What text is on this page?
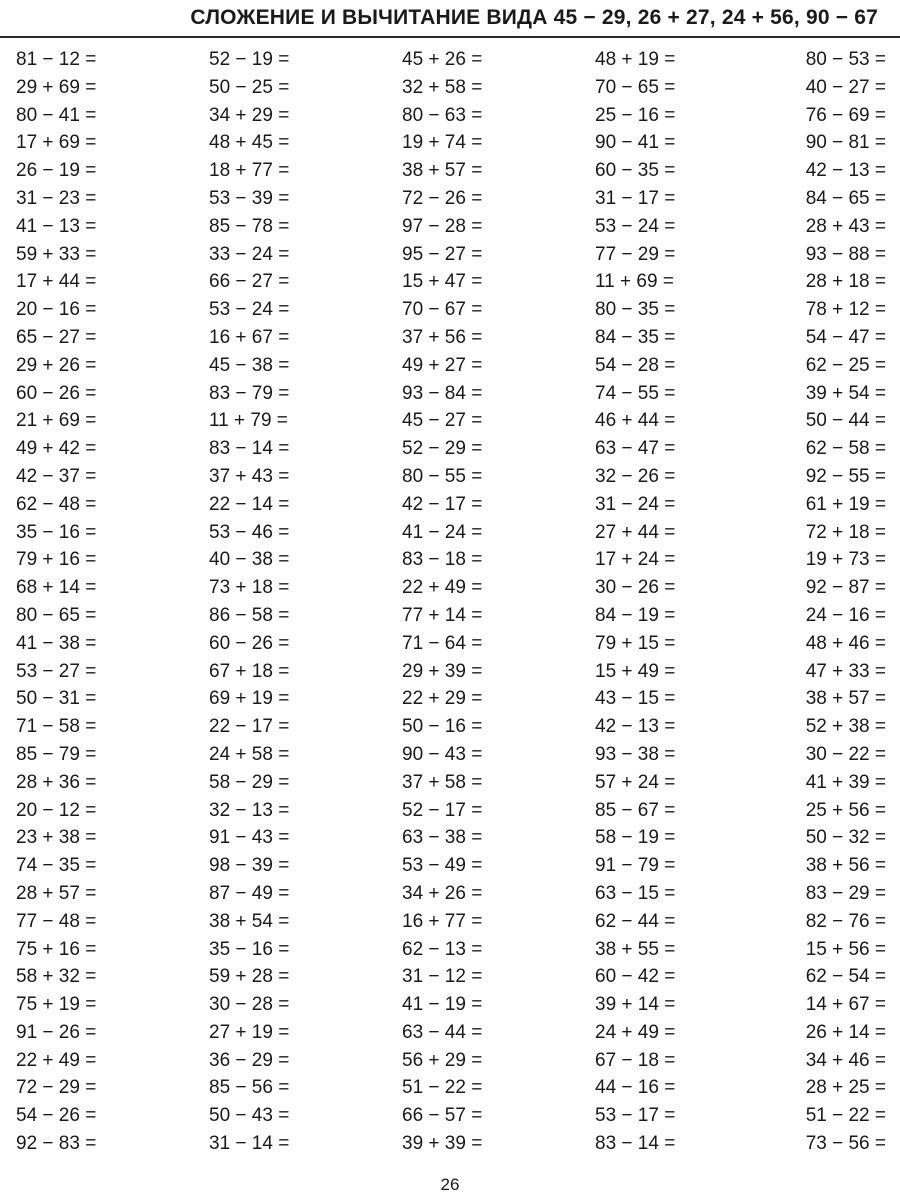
СЛОЖЕНИЕ И ВЫЧИТАНИЕ ВИДА 45 − 29, 26 + 27, 24 + 56, 90 − 67
81 − 12 =	52 − 19 =	45 + 26 =	48 + 19 =	80 − 53 =
29 + 69 =	50 − 25 =	32 + 58 =	70 − 65 =	40 − 27 =
80 − 41 =	34 + 29 =	80 − 63 =	25 − 16 =	76 − 69 =
17 + 69 =	48 + 45 =	19 + 74 =	90 − 41 =	90 − 81 =
26 − 19 =	18 + 77 =	38 + 57 =	60 − 35 =	42 − 13 =
31 − 23 =	53 − 39 =	72 − 26 =	31 − 17 =	84 − 65 =
41 − 13 =	85 − 78 =	97 − 28 =	53 − 24 =	28 + 43 =
59 + 33 =	33 − 24 =	95 − 27 =	77 − 29 =	93 − 88 =
17 + 44 =	66 − 27 =	15 + 47 =	11 + 69 =	28 + 18 =
20 − 16 =	53 − 24 =	70 − 67 =	80 − 35 =	78 + 12 =
65 − 27 =	16 + 67 =	37 + 56 =	84 − 35 =	54 − 47 =
29 + 26 =	45 − 38 =	49 + 27 =	54 − 28 =	62 − 25 =
60 − 26 =	83 − 79 =	93 − 84 =	74 − 55 =	39 + 54 =
21 + 69 =	11 + 79 =	45 − 27 =	46 + 44 =	50 − 44 =
49 + 42 =	83 − 14 =	52 − 29 =	63 − 47 =	62 − 58 =
42 − 37 =	37 + 43 =	80 − 55 =	32 − 26 =	92 − 55 =
62 − 48 =	22 − 14 =	42 − 17 =	31 − 24 =	61 + 19 =
35 − 16 =	53 − 46 =	41 − 24 =	27 + 44 =	72 + 18 =
79 + 16 =	40 − 38 =	83 − 18 =	17 + 24 =	19 + 73 =
68 + 14 =	73 + 18 =	22 + 49 =	30 − 26 =	92 − 87 =
80 − 65 =	86 − 58 =	77 + 14 =	84 − 19 =	24 − 16 =
41 − 38 =	60 − 26 =	71 − 64 =	79 + 15 =	48 + 46 =
53 − 27 =	67 + 18 =	29 + 39 =	15 + 49 =	47 + 33 =
50 − 31 =	69 + 19 =	22 + 29 =	43 − 15 =	38 + 57 =
71 − 58 =	22 − 17 =	50 − 16 =	42 − 13 =	52 + 38 =
85 − 79 =	24 + 58 =	90 − 43 =	93 − 38 =	30 − 22 =
28 + 36 =	58 − 29 =	37 + 58 =	57 + 24 =	41 + 39 =
20 − 12 =	32 − 13 =	52 − 17 =	85 − 67 =	25 + 56 =
23 + 38 =	91 − 43 =	63 − 38 =	58 − 19 =	50 − 32 =
74 − 35 =	98 − 39 =	53 − 49 =	91 − 79 =	38 + 56 =
28 + 57 =	87 − 49 =	34 + 26 =	63 − 15 =	83 − 29 =
77 − 48 =	38 + 54 =	16 + 77 =	62 − 44 =	82 − 76 =
75 + 16 =	35 − 16 =	62 − 13 =	38 + 55 =	15 + 56 =
58 + 32 =	59 + 28 =	31 − 12 =	60 − 42 =	62 − 54 =
75 + 19 =	30 − 28 =	41 − 19 =	39 + 14 =	14 + 67 =
91 − 26 =	27 + 19 =	63 − 44 =	24 + 49 =	26 + 14 =
22 + 49 =	36 − 29 =	56 + 29 =	67 − 18 =	34 + 46 =
72 − 29 =	85 − 56 =	51 − 22 =	44 − 16 =	28 + 25 =
54 − 26 =	50 − 43 =	66 − 57 =	53 − 17 =	51 − 22 =
92 − 83 =	31 − 14 =	39 + 39 =	83 − 14 =	73 − 56 =
26
